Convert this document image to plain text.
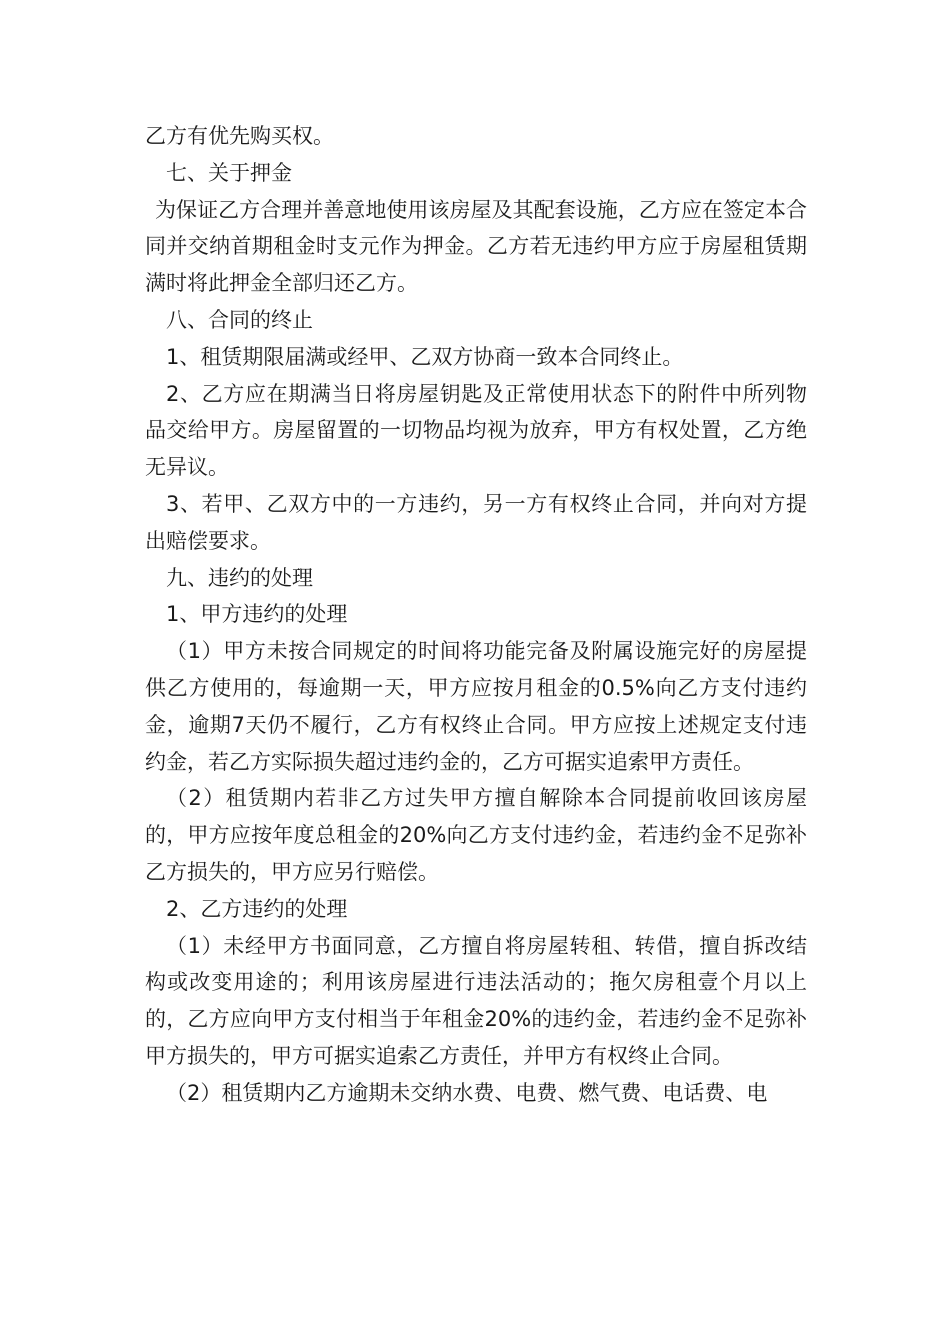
乙方有优先购买权。

七、关于押金

为保证乙方合理并善意地使用该房屋及其配套设施，乙方应在签定本合同并交纳首期租金时支元作为押金。乙方若无违约甲方应于房屋租赁期满时将此押金全部归还乙方。

八、合同的终止

1、租赁期限届满或经甲、乙双方协商一致本合同终止。

2、乙方应在期满当日将房屋钥匙及正常使用状态下的附件中所列物品交给甲方。房屋留置的一切物品均视为放弃，甲方有权处置，乙方绝无异议。

3、若甲、乙双方中的一方违约，另一方有权终止合同，并向对方提出赔偿要求。

九、违约的处理

1、甲方违约的处理

（1）甲方未按合同规定的时间将功能完备及附属设施完好的房屋提供乙方使用的，每逾期一天，甲方应按月租金的0.5%向乙方支付违约金，逾期7天仍不履行，乙方有权终止合同。甲方应按上述规定支付违约金，若乙方实际损失超过违约金的，乙方可据实追索甲方责任。

（2）租赁期内若非乙方过失甲方擅自解除本合同提前收回该房屋的，甲方应按年度总租金的20%向乙方支付违约金，若违约金不足弥补乙方损失的，甲方应另行赔偿。

2、乙方违约的处理

（1）未经甲方书面同意，乙方擅自将房屋转租、转借，擅自拆改结构或改变用途的；利用该房屋进行违法活动的；拖欠房租壹个月以上的，乙方应向甲方支付相当于年租金20%的违约金，若违约金不足弥补甲方损失的，甲方可据实追索乙方责任，并甲方有权终止合同。

（2）租赁期内乙方逾期未交纳水费、电费、燃气费、电话费、电
